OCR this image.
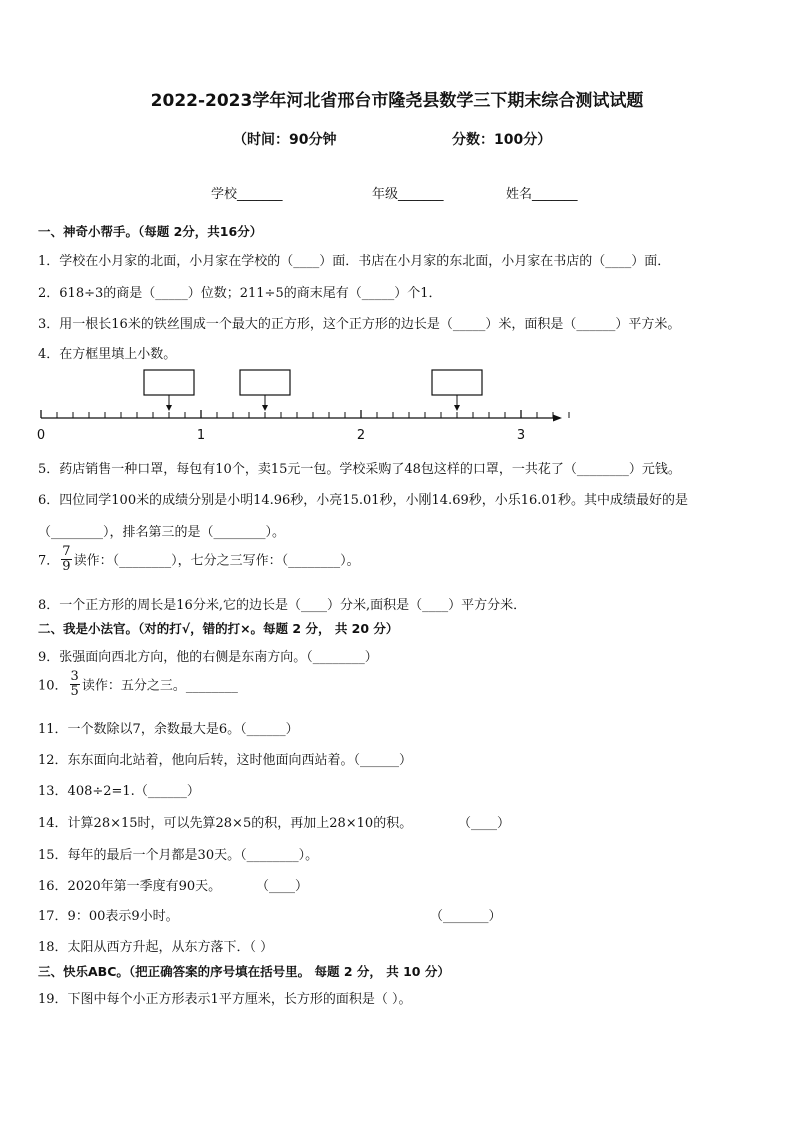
2022-2023学年河北省邢台市隆尧县数学三下期末综合测试试题
（时间：90分钟	分数：100分）
学校_______	年级_______	姓名_______
一、神奇小帮手。（每题 2分，共16分）
1．学校在小月家的北面，小月家在学校的（____）面．书店在小月家的东北面，小月家在书店的（____）面．
2．618÷3的商是（_____）位数；211÷5的商末尾有（_____）个1．
3．用一根长16米的铁丝围成一个最大的正方形，这个正方形的边长是（_____）米，面积是（______）平方米。
4．在方框里填上小数。
0	1	2	3
5．药店销售一种口罩，每包有10个，卖15元一包。学校采购了48包这样的口罩，一共花了（________）元钱。
6．四位同学100米的成绩分别是小明14.96秒，小亮15.01秒，小刚14.69秒，小乐16.01秒。其中成绩最好的是
（________），排名第三的是（________）。
7． $\frac{7}{9}$ 读作：（________），七分之三写作：（________）。
8．一个正方形的周长是16分米,它的边长是（____）分米,面积是（____）平方分米．
二、我是小法官。（对的打√，错的打×。每题 2 分， 共 20 分）
9．张强面向西北方向，他的右侧是东南方向。（________）
10． $\frac{3}{5}$ 读作：五分之三。________
11．一个数除以7，余数最大是6。（______）
12．东东面向北站着，他向后转，这时他面向西站着。（______）
13．408÷2=1.（______）
14．计算28×15时，可以先算28×5的积，再加上28×10的积。	（____）
15．每年的最后一个月都是30天。（________）。
16．2020年第一季度有90天。	（____）
17．9：00表示9小时。	（_______）
18．太阳从西方升起，从东方落下．（ ）
三、快乐ABC。（把正确答案的序号填在括号里。 每题 2 分， 共 10 分）
19．下图中每个小正方形表示1平方厘米，长方形的面积是（ ）。
